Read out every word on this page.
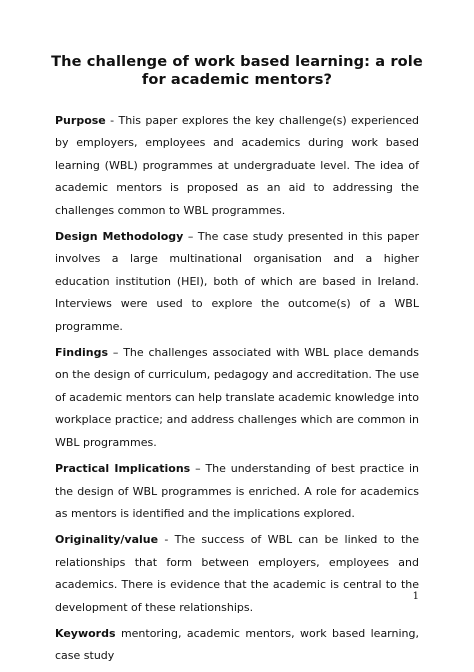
The challenge of work based learning: a role for academic mentors?

Purpose - This paper explores the key challenge(s) experienced by employers, employees and academics during work based learning (WBL) programmes at undergraduate level. The idea of academic mentors is proposed as an aid to addressing the challenges common to WBL programmes.

Design Methodology – The case study presented in this paper involves a large multinational organisation and a higher education institution (HEI), both of which are based in Ireland. Interviews were used to explore the outcome(s) of a WBL programme.

Findings – The challenges associated with WBL place demands on the design of curriculum, pedagogy and accreditation. The use of academic mentors can help translate academic knowledge into workplace practice; and address challenges which are common in WBL programmes.

Practical Implications – The understanding of best practice in the design of WBL programmes is enriched. A role for academics as mentors is identified and the implications explored.

Originality/value - The success of WBL can be linked to the relationships that form between employers, employees and academics. There is evidence that the academic is central to the development of these relationships.

Keywords mentoring, academic mentors, work based learning, case study

1
